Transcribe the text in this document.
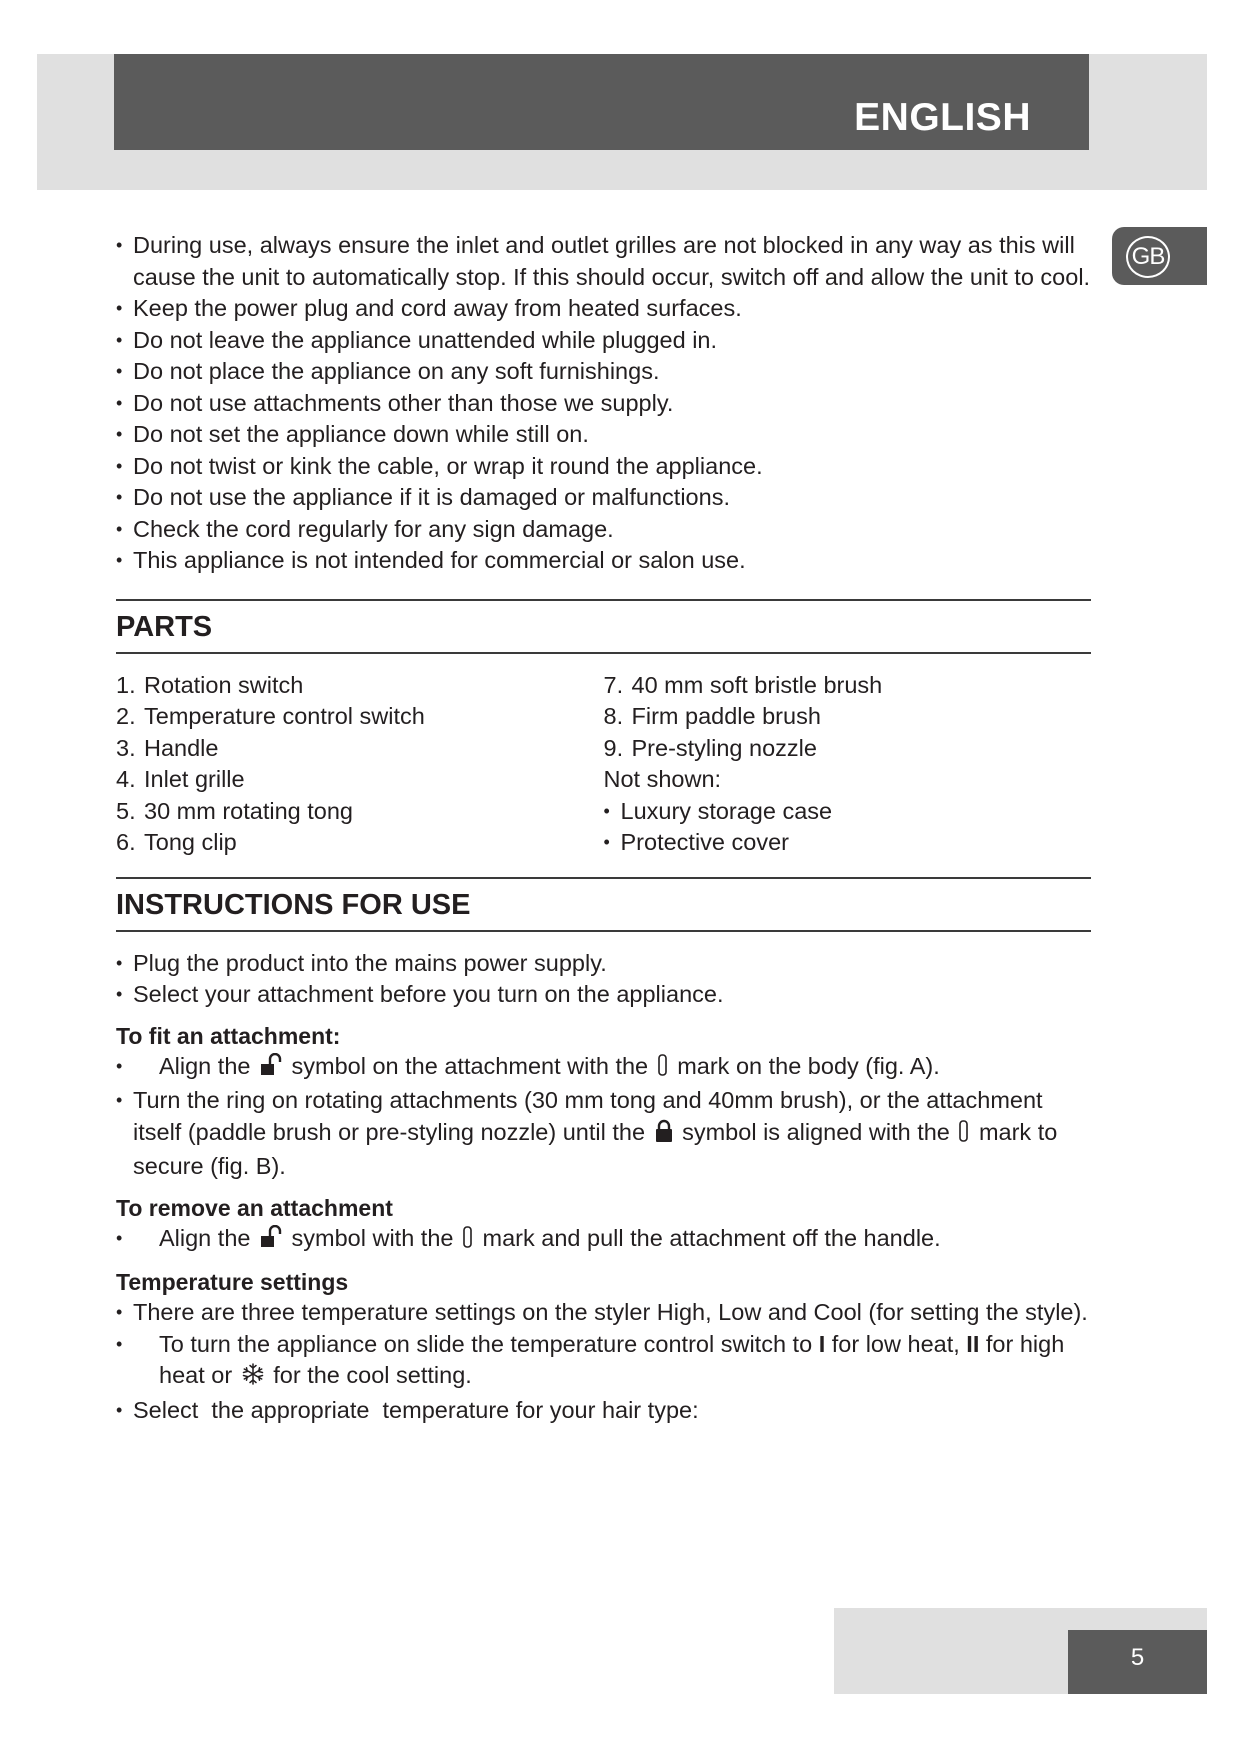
ENGLISH
GB
• During use, always ensure the inlet and outlet grilles are not blocked in any way as this will cause the unit to automatically stop. If this should occur, switch off and allow the unit to cool.
• Keep the power plug and cord away from heated surfaces.
• Do not leave the appliance unattended while plugged in.
• Do not place the appliance on any soft furnishings.
• Do not use attachments other than those we supply.
• Do not set the appliance down while still on.
• Do not twist or kink the cable, or wrap it round the appliance.
• Do not use the appliance if it is damaged or malfunctions.
• Check the cord regularly for any sign damage.
• This appliance is not intended for commercial or salon use.
PARTS
1. Rotation switch
2. Temperature control switch
3. Handle
4. Inlet grille
5. 30 mm rotating tong
6. Tong clip
7. 40 mm soft bristle brush
8. Firm paddle brush
9. Pre-styling nozzle
Not shown:
• Luxury storage case
• Protective cover
INSTRUCTIONS FOR USE
• Plug the product into the mains power supply.
• Select your attachment before you turn on the appliance.
To fit an attachment:
• Align the symbol on the attachment with the mark on the body (fig. A).
• Turn the ring on rotating attachments (30 mm tong and 40mm brush), or the attachment itself (paddle brush or pre-styling nozzle) until the symbol is aligned with the mark to secure (fig. B).
To remove an attachment
• Align the symbol with the mark and pull the attachment off the handle.
Temperature settings
• There are three temperature settings on the styler High, Low and Cool (for setting the style).
• To turn the appliance on slide the temperature control switch to I for low heat, II for high heat or for the cool setting.
• Select  the appropriate  temperature for your hair type:
5
